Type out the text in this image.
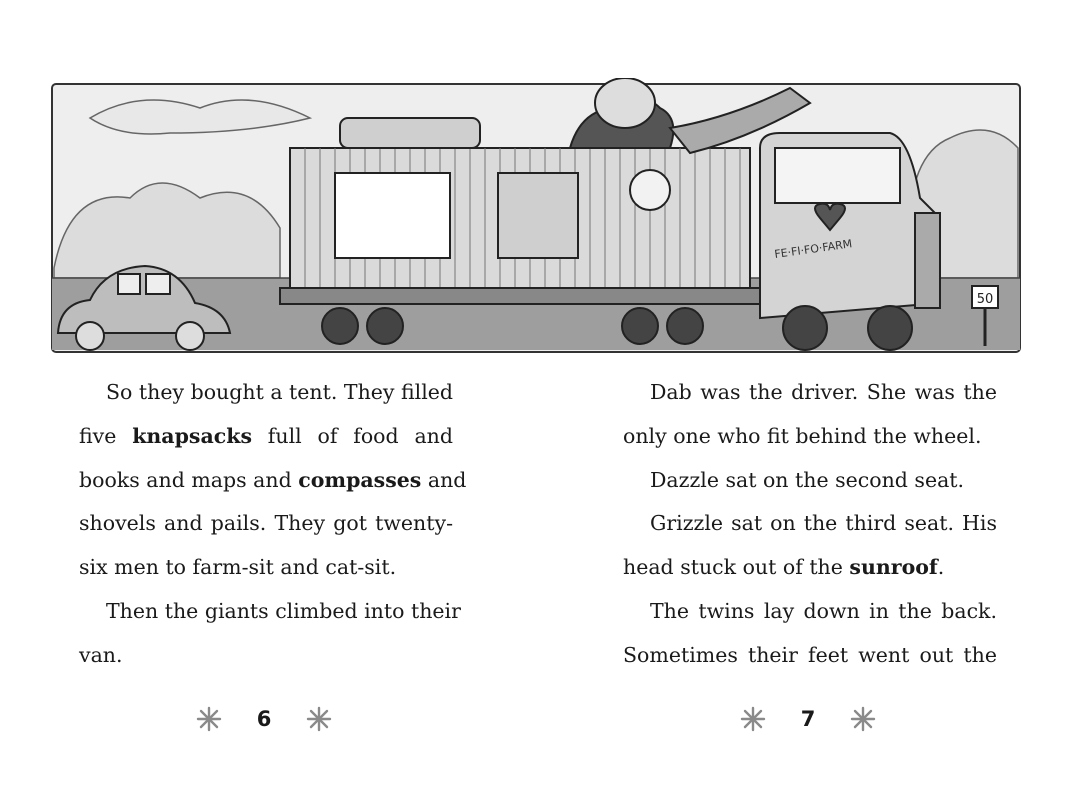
FE·FI·FO·FARM
50
So they bought a tent. They filled
five knapsacks full of food and
books and maps and compasses and
shovels and pails. They got twenty-
six men to farm-sit and cat-sit.
Then the giants climbed into their
van.
Dab was the driver. She was the
only one who fit behind the wheel.
Dazzle sat on the second seat.
Grizzle sat on the third seat. His
head stuck out of the sunroof.
The twins lay down in the back.
Sometimes their feet went out the
6	7
